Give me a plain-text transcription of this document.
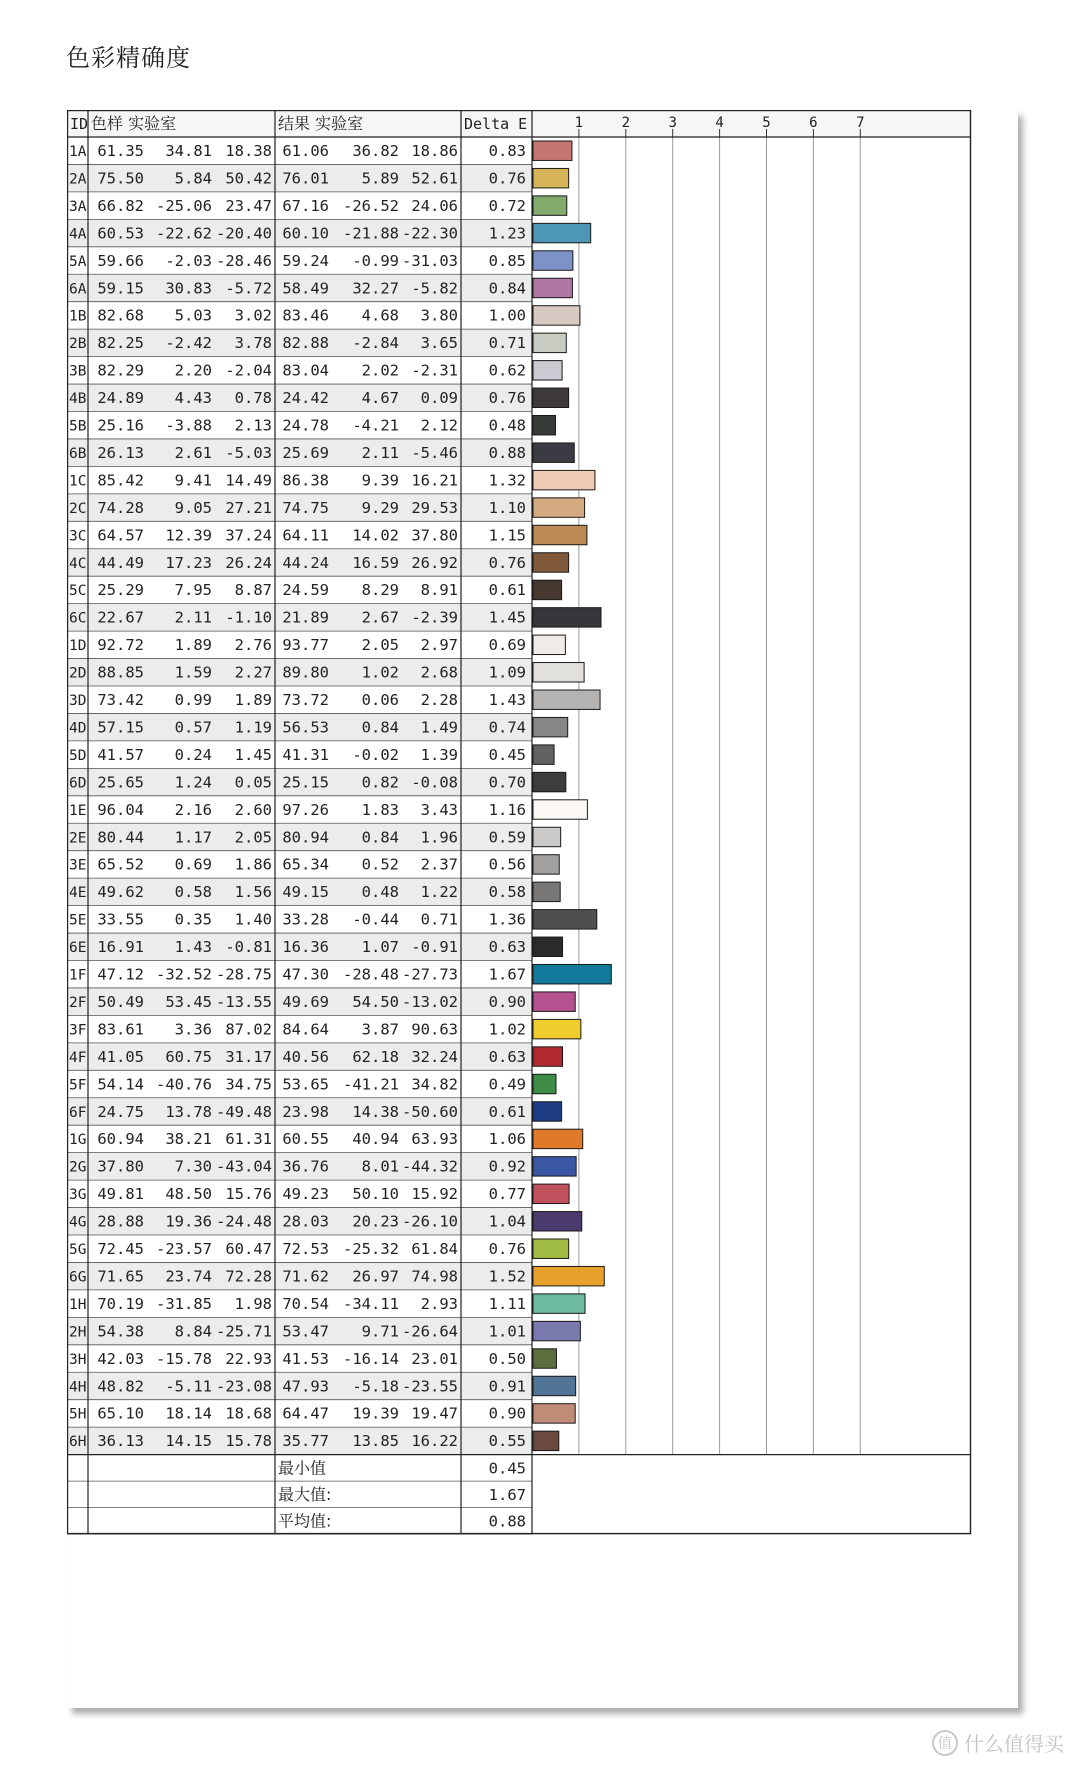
色彩精确度
1	2	3	4	5	6	7
ID 色样 实验室	结果 实验室	Delta E
1A 61.35 34.81 18.38 61.06 36.82 18.86 0.83
2A 75.50 5.84 50.42 76.01 5.89 52.61 0.76
3A 66.82 -25.06 23.47 67.16 -26.52 24.06 0.72
4A 60.53 -22.62 -20.40 60.10 -21.88 -22.30 1.23
5A 59.66 -2.03 -28.46 59.24 -0.99 -31.03 0.85
6A 59.15 30.83 -5.72 58.49 32.27 -5.82 0.84
1B 82.68 5.03 3.02 83.46 4.68 3.80 1.00
2B 82.25 -2.42 3.78 82.88 -2.84 3.65 0.71
3B 82.29 2.20 -2.04 83.04 2.02 -2.31 0.62
4B 24.89 4.43 0.78 24.42 4.67 0.09 0.76
5B 25.16 -3.88 2.13 24.78 -4.21 2.12 0.48
6B 26.13 2.61 -5.03 25.69 2.11 -5.46 0.88
1C 85.42 9.41 14.49 86.38 9.39 16.21 1.32
2C 74.28 9.05 27.21 74.75 9.29 29.53 1.10
3C 64.57 12.39 37.24 64.11 14.02 37.80 1.15
4C 44.49 17.23 26.24 44.24 16.59 26.92 0.76
5C 25.29 7.95 8.87 24.59 8.29 8.91 0.61
6C 22.67 2.11 -1.10 21.89 2.67 -2.39 1.45
1D 92.72 1.89 2.76 93.77 2.05 2.97 0.69
2D 88.85 1.59 2.27 89.80 1.02 2.68 1.09
3D 73.42 0.99 1.89 73.72 0.06 2.28 1.43
4D 57.15 0.57 1.19 56.53 0.84 1.49 0.74
5D 41.57 0.24 1.45 41.31 -0.02 1.39 0.45
6D 25.65 1.24 0.05 25.15 0.82 -0.08 0.70
1E 96.04 2.16 2.60 97.26 1.83 3.43 1.16
2E 80.44 1.17 2.05 80.94 0.84 1.96 0.59
3E 65.52 0.69 1.86 65.34 0.52 2.37 0.56
4E 49.62 0.58 1.56 49.15 0.48 1.22 0.58
5E 33.55 0.35 1.40 33.28 -0.44 0.71 1.36
6E 16.91 1.43 -0.81 16.36 1.07 -0.91 0.63
1F 47.12 -32.52 -28.75 47.30 -28.48 -27.73 1.67
2F 50.49 53.45 -13.55 49.69 54.50 -13.02 0.90
3F 83.61 3.36 87.02 84.64 3.87 90.63 1.02
4F 41.05 60.75 31.17 40.56 62.18 32.24 0.63
5F 54.14 -40.76 34.75 53.65 -41.21 34.82 0.49
6F 24.75 13.78 -49.48 23.98 14.38 -50.60 0.61
1G 60.94 38.21 61.31 60.55 40.94 63.93 1.06
2G 37.80 7.30 -43.04 36.76 8.01 -44.32 0.92
3G 49.81 48.50 15.76 49.23 50.10 15.92 0.77
4G 28.88 19.36 -24.48 28.03 20.23 -26.10 1.04
5G 72.45 -23.57 60.47 72.53 -25.32 61.84 0.76
6G 71.65 23.74 72.28 71.62 26.97 74.98 1.52
1H 70.19 -31.85 1.98 70.54 -34.11 2.93 1.11
2H 54.38 8.84 -25.71 53.47 9.71 -26.64 1.01
3H 42.03 -15.78 22.93 41.53 -16.14 23.01 0.50
4H 48.82 -5.11 -23.08 47.93 -5.18 -23.55 0.91
5H 65.10 18.14 18.68 64.47 19.39 19.47 0.90
6H 36.13 14.15 15.78 35.77 13.85 16.22 0.55
最小值	0.45
最大值:	1.67
平均值:	0.88
值 什么值得买
